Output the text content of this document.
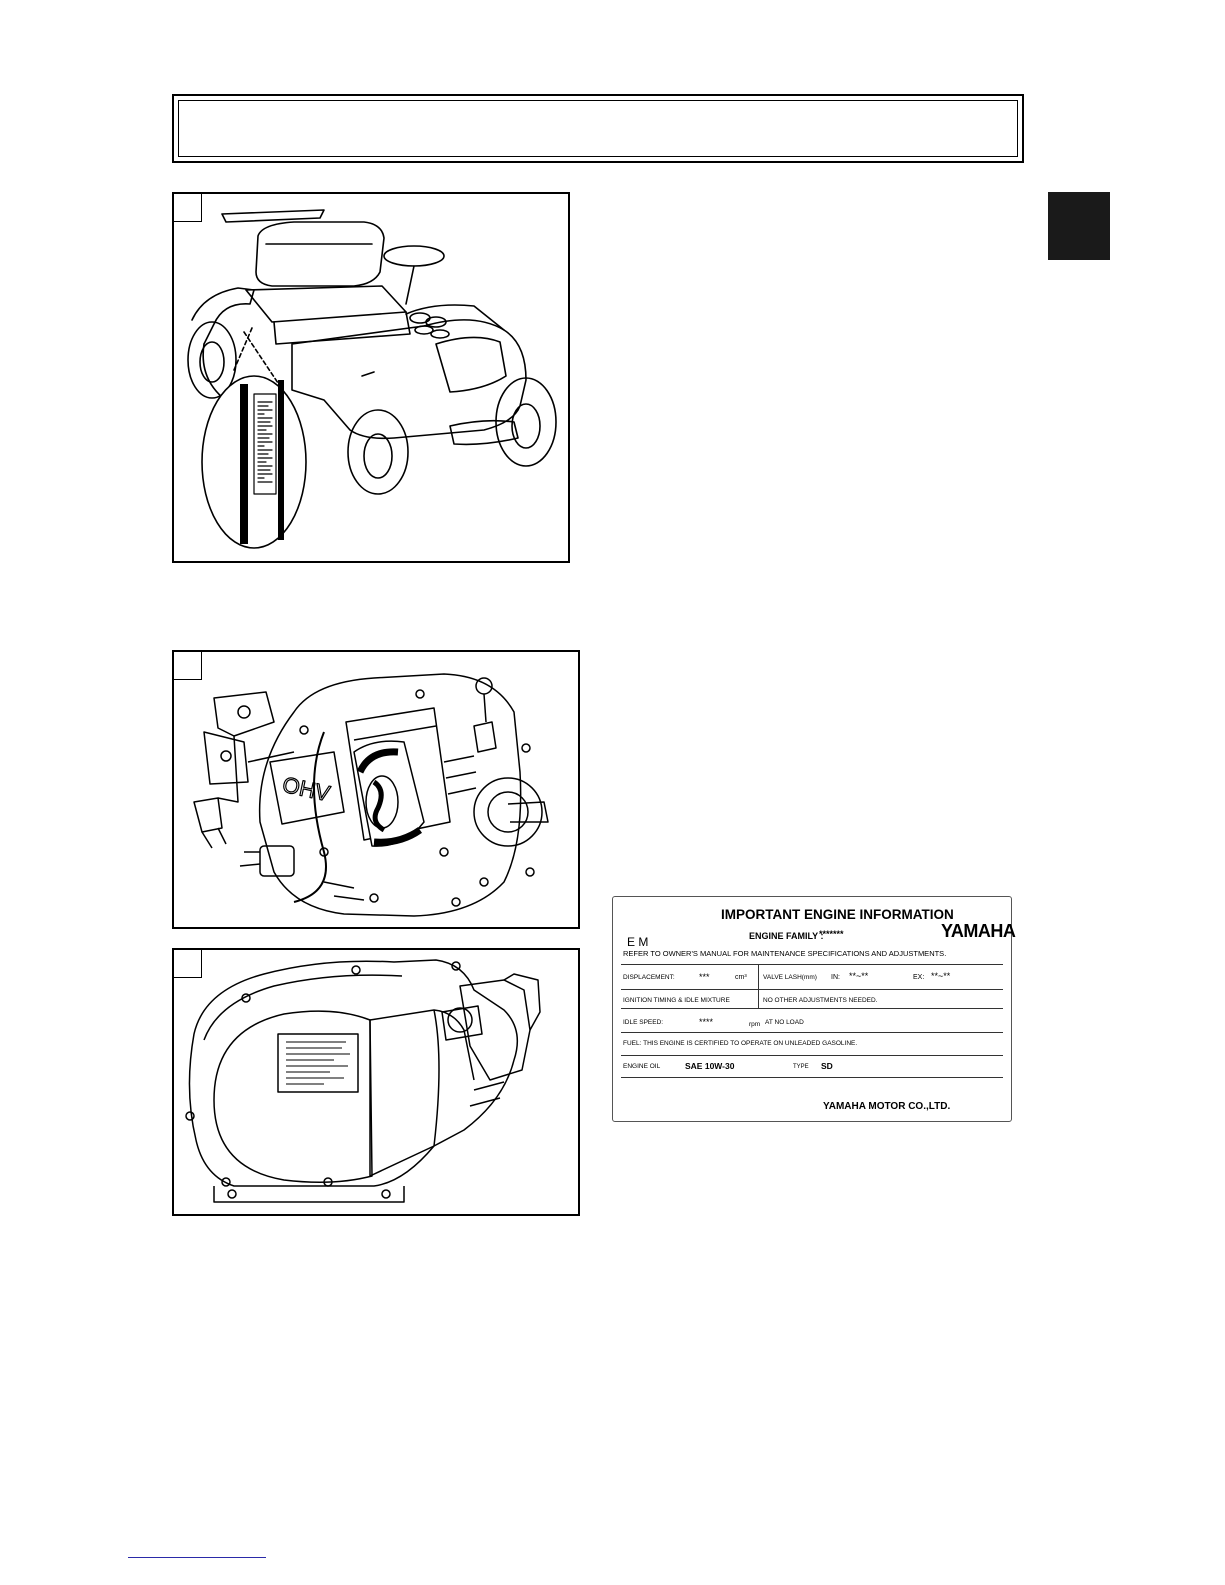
OHV
IMPORTANT ENGINE INFORMATION
YAMAHA
E M	ENGINE FAMILY :
*******
REFER TO OWNER'S MANUAL FOR MAINTENANCE SPECIFICATIONS AND ADJUSTMENTS.
DISPLACEMENT:	***	cm³	VALVE LASH(mm) IN: **~**	EX: **~**
IGNITION TIMING & IDLE MIXTURE	NO OTHER ADJUSTMENTS NEEDED.
IDLE SPEED:	****	rpm AT NO LOAD
FUEL: THIS ENGINE IS CERTIFIED TO OPERATE ON UNLEADED GASOLINE.
ENGINE OIL	SAE 10W-30	TYPE SD
YAMAHA MOTOR CO.,LTD.
